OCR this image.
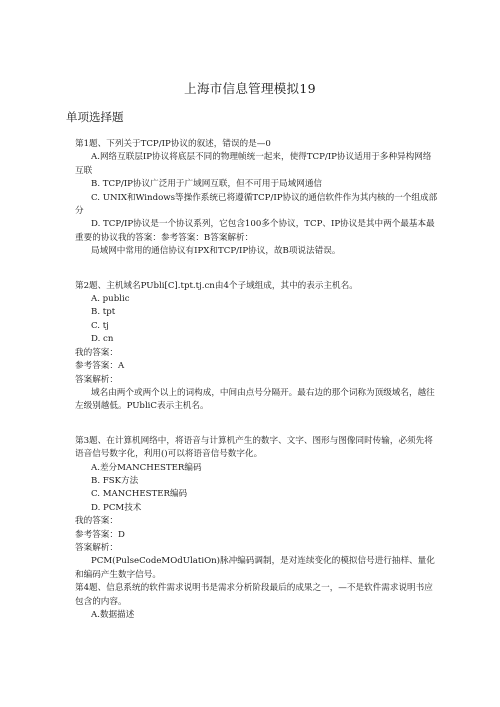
上海市信息管理模拟19
单项选择题

第1题、下列关于TCP/IP协议的叙述，错误的是—0

A.网络互联层IP协议将底层不同的物理帧统一起来，使得TCP/IP协议适用于多种异构网络互联

B. TCP/IP协议广泛用于广域网互联，但不可用于局域网通信

C. UNIX和Windows等操作系统已将遵循TCP/IP协议的通信软件作为其内核的一个组成部分

D. TCP/IP协议是一个协议系列，它包含100多个协议，TCP、IP协议是其中两个最基本最重要的协议我的答案：参考答案：B答案解析：

局域网中常用的通信协议有IPX和TCP/IP协议，故B项说法错误。

第2题、主机域名PUbli[C].tpt.tj.cn由4个子域组成，其中的表示主机名。

A. public

B. tpt

C. tj

D. cn

我的答案：

参考答案：A

答案解析：

域名由两个或两个以上的词构成，中间由点号分隔开。最右边的那个词称为顶级域名，越往左级别越低。PUbliC表示主机名。

第3题、在计算机网络中，将语音与计算机产生的数字、文字、图形与图像同时传输，必须先将语音信号数字化，利用()可以将语音信号数字化。

A.差分MANCHESTER编码

B. FSK方法

C. MANCHESTER编码

D. PCM技术

我的答案：

参考答案：D

答案解析：

PCM(PulseCodeMOdUlatiOn)脉冲编码调制，是对连续变化的模拟信号进行抽样、量化和编码产生数字信号。

第4题、信息系统的软件需求说明书是需求分析阶段最后的成果之一，—不是软件需求说明书应包含的内容。

A.数据描述
